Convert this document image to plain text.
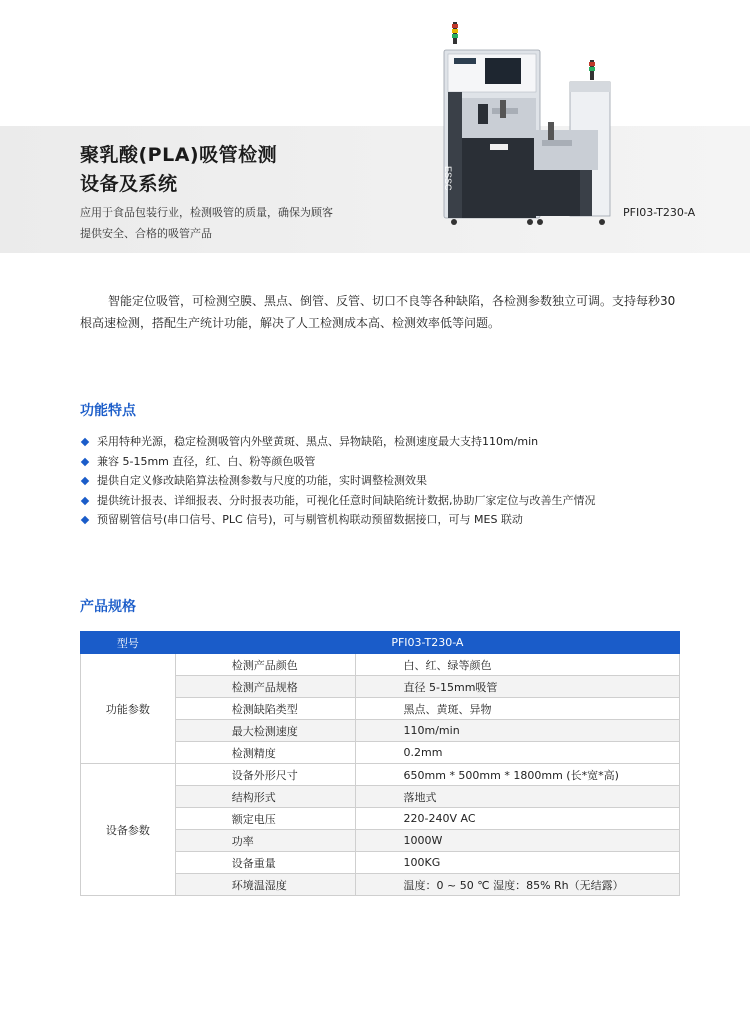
聚乳酸(PLA)吸管检测
设备及系统
应用于食品包装行业，检测吸管的质量，确保为顾客
提供安全、合格的吸管产品
ESSC
PFI03-T230-A

智能定位吸管，可检测空膜、黑点、倒管、反管、切口不良等各种缺陷，各检测参数独立可调。支持每秒30根高速检测，搭配生产统计功能，解决了人工检测成本高、检测效率低等问题。

功能特点
采用特种光源，稳定检测吸管内外壁黄斑、黑点、异物缺陷，检测速度最大支持110m/min
兼容 5-15mm 直径，红、白、粉等颜色吸管
提供自定义修改缺陷算法检测参数与尺度的功能，实时调整检测效果
提供统计报表、详细报表、分时报表功能，可视化任意时间缺陷统计数据,协助厂家定位与改善生产情况
预留剔管信号(串口信号、PLC 信号)，可与剔管机构联动预留数据接口，可与 MES 联动
产品规格
型号	PFI03-T230-A	
功能参数	检测产品颜色	白、红、绿等颜色
	检测产品规格	直径 5-15mm吸管
	检测缺陷类型	黑点、黄斑、异物
	最大检测速度	110m/min
	检测精度	0.2mm
设备参数	设备外形尺寸	650mm * 500mm * 1800mm (长*宽*高)
	结构形式	落地式
	额定电压	220-240V AC
	功率	1000W
	设备重量	100KG
	环境温湿度	温度：0 ~ 50 ℃ 湿度：85% Rh（无结露）
